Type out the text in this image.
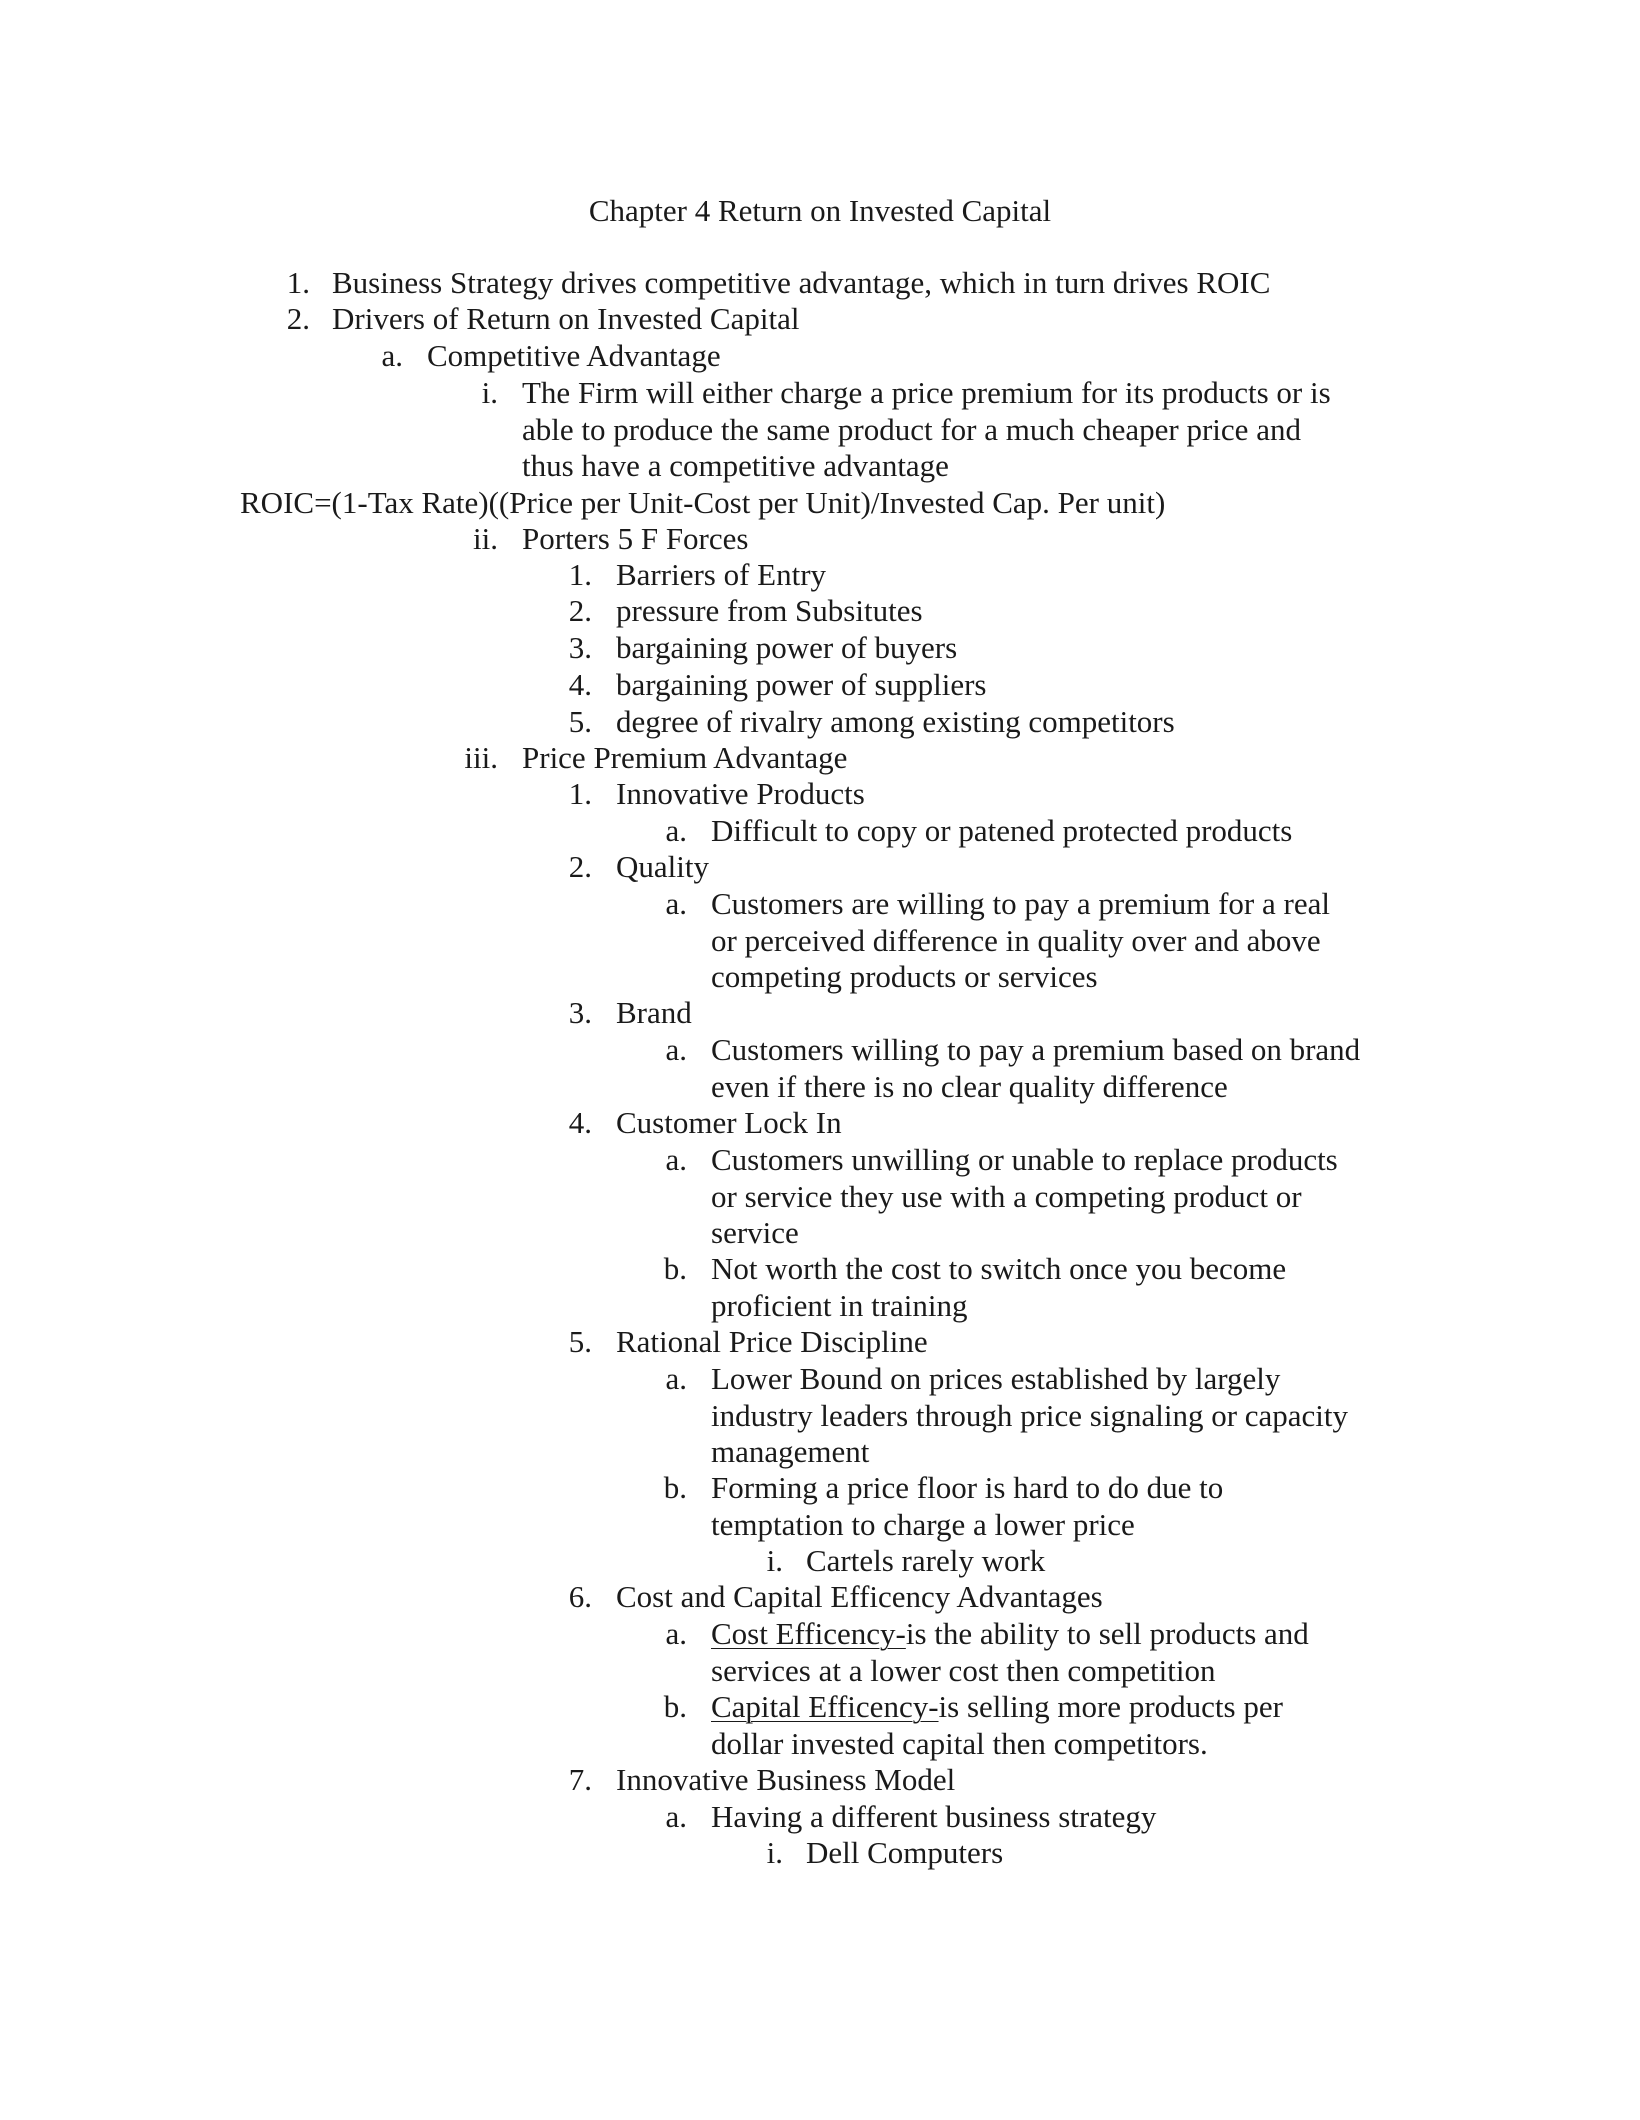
Chapter 4 Return on Invested Capital
ROIC=(1-Tax Rate)((Price per Unit-Cost per Unit)/Invested Cap. Per unit)
1. Business Strategy drives competitive advantage, which in turn drives ROIC
2. Drivers of Return on Invested Capital
a. Competitive Advantage
i. The Firm will either charge a price premium for its products or is
able to produce the same product for a much cheaper price and
thus have a competitive advantage
ii. Porters 5 F Forces
1. Barriers of Entry
2. pressure from Subsitutes
3. bargaining power of buyers
4. bargaining power of suppliers
5. degree of rivalry among existing competitors
iii. Price Premium Advantage
1. Innovative Products
a. Difficult to copy or patened protected products
2. Quality
a. Customers are willing to pay a premium for a real
or perceived difference in quality over and above
competing products or services
3. Brand
a. Customers willing to pay a premium based on brand
even if there is no clear quality difference
4. Customer Lock In
a. Customers unwilling or unable to replace products
or service they use with a competing product or
service
b. Not worth the cost to switch once you become
proficient in training
5. Rational Price Discipline
a. Lower Bound on prices established by largely
industry leaders through price signaling or capacity
management
b. Forming a price floor is hard to do due to
temptation to charge a lower price
i. Cartels rarely work
6. Cost and Capital Efficency Advantages
a. Cost Efficency-is the ability to sell products and
services at a lower cost then competition
b. Capital Efficency-is selling more products per
dollar invested capital then competitors.
7. Innovative Business Model
a. Having a different business strategy
i. Dell Computers
